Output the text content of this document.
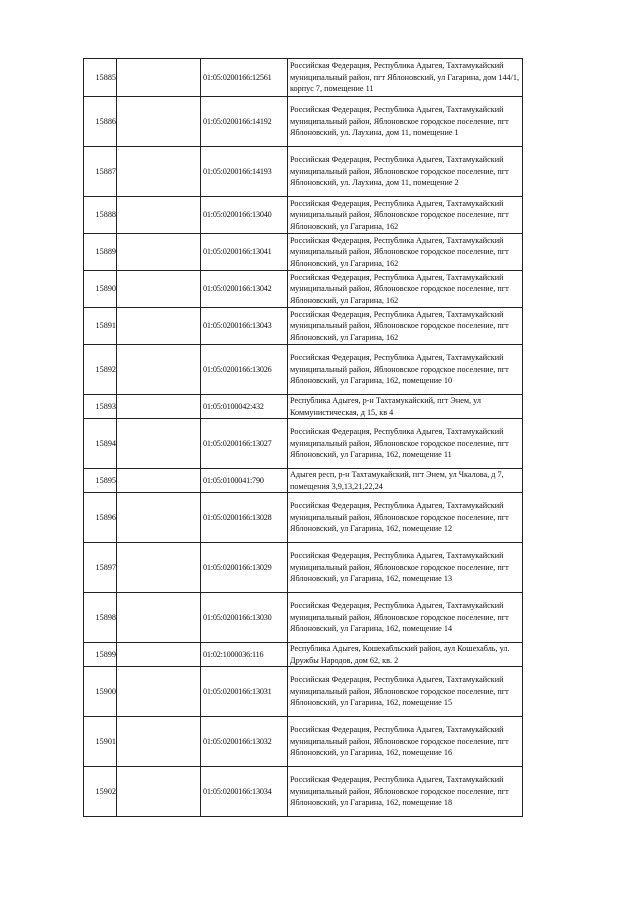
15885		01:05:0200166:12561	Российская Федерация, Республика Адыгея, Тахтамукайский муниципальный район, пгт Яблоновский, ул Гагарина, дом 144/1, корпус 7, помещение 11
15886		01:05:0200166:14192	Российская Федерация, Республика Адыгея, Тахтамукайский муниципальный район, Яблоновское городское поселение, пгт Яблоновский, ул. Лаухина, дом 11, помещение 1
15887		01:05:0200166:14193	Российская Федерация, Республика Адыгея, Тахтамукайский муниципальный район, Яблоновское городское поселение, пгт Яблоновский, ул. Лаухина, дом 11, помещение 2
15888		01:05:0200166:13040	Российская Федерация, Республика Адыгея, Тахтамукайский муниципальный район, Яблоновское городское поселение, пгт Яблоновский, ул Гагарина, 162
15889		01:05:0200166:13041	Российская Федерация, Республика Адыгея, Тахтамукайский муниципальный район, Яблоновское городское поселение, пгт Яблоновский, ул Гагарина, 162
15890		01:05:0200166:13042	Российская Федерация, Республика Адыгея, Тахтамукайский муниципальный район, Яблоновское городское поселение, пгт Яблоновский, ул Гагарина, 162
15891		01:05:0200166:13043	Российская Федерация, Республика Адыгея, Тахтамукайский муниципальный район, Яблоновское городское поселение, пгт Яблоновский, ул Гагарина, 162
15892		01:05:0200166:13026	Российская Федерация, Республика Адыгея, Тахтамукайский муниципальный район, Яблоновское городское поселение, пгт Яблоновский, ул Гагарина, 162, помещение 10
15893		01:05:0100042:432	Республика Адыгея, р-н Тахтамукайский, пгт Энем, ул Коммунистическая, д 15, кв 4
15894		01:05:0200166:13027	Российская Федерация, Республика Адыгея, Тахтамукайский муниципальный район, Яблоновское городское поселение, пгт Яблоновский, ул Гагарина, 162, помещение 11
15895		01:05:0100041:790	Адыгея респ, р-н Тахтамукайский, пгт Энем, ул Чкалова, д 7, помещения 3,9,13,21,22,24
15896		01:05:0200166:13028	Российская Федерация, Республика Адыгея, Тахтамукайский муниципальный район, Яблоновское городское поселение, пгт Яблоновский, ул Гагарина, 162, помещение 12
15897		01:05:0200166:13029	Российская Федерация, Республика Адыгея, Тахтамукайский муниципальный район, Яблоновское городское поселение, пгт Яблоновский, ул Гагарина, 162, помещение 13
15898		01:05:0200166:13030	Российская Федерация, Республика Адыгея, Тахтамукайский муниципальный район, Яблоновское городское поселение, пгт Яблоновский, ул Гагарина, 162, помещение 14
15899		01:02:1000036:116	Республика Адыгея, Кошехабльский район, аул Кошехабль, ул. Дружбы Народов, дом 62, кв. 2
15900		01:05:0200166:13031	Российская Федерация, Республика Адыгея, Тахтамукайский муниципальный район, Яблоновское городское поселение, пгт Яблоновский, ул Гагарина, 162, помещение 15
15901		01:05:0200166:13032	Российская Федерация, Республика Адыгея, Тахтамукайский муниципальный район, Яблоновское городское поселение, пгт Яблоновский, ул Гагарина, 162, помещение 16
15902		01:05:0200166:13034	Российская Федерация, Республика Адыгея, Тахтамукайский муниципальный район, Яблоновское городское поселение, пгт Яблоновский, ул Гагарина, 162, помещение 18
